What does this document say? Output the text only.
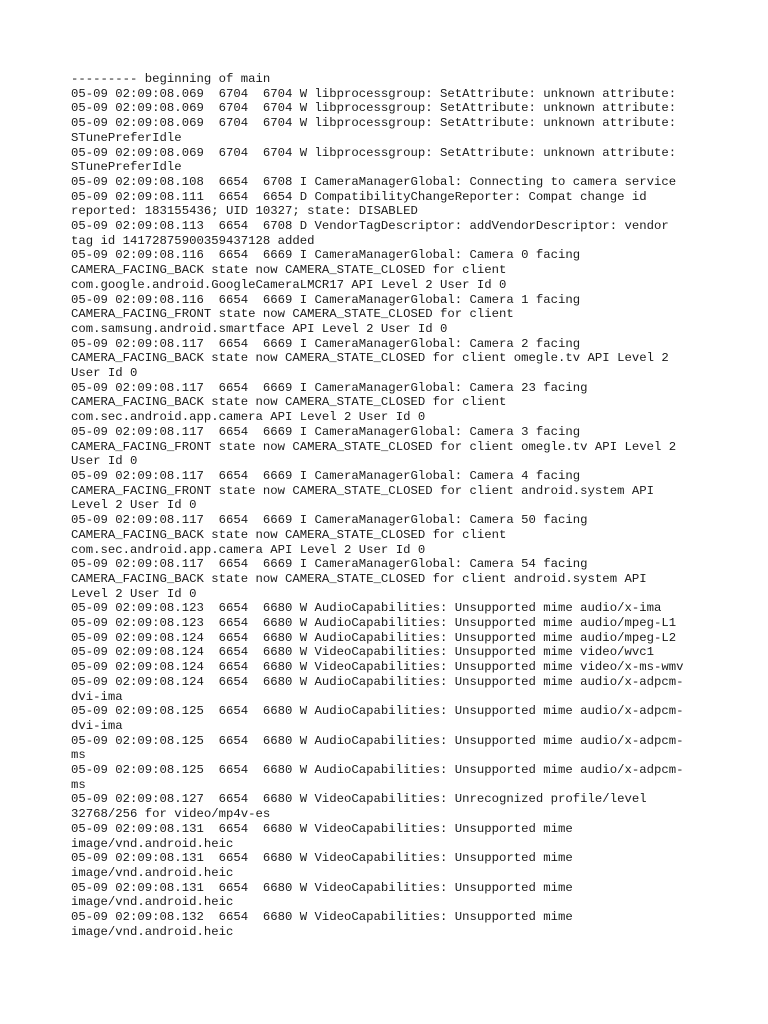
--------- beginning of main
05-09 02:09:08.069  6704  6704 W libprocessgroup: SetAttribute: unknown attribute:
05-09 02:09:08.069  6704  6704 W libprocessgroup: SetAttribute: unknown attribute:
05-09 02:09:08.069  6704  6704 W libprocessgroup: SetAttribute: unknown attribute:
STunePreferIdle
05-09 02:09:08.069  6704  6704 W libprocessgroup: SetAttribute: unknown attribute:
STunePreferIdle
05-09 02:09:08.108  6654  6708 I CameraManagerGlobal: Connecting to camera service
05-09 02:09:08.111  6654  6654 D CompatibilityChangeReporter: Compat change id
reported: 183155436; UID 10327; state: DISABLED
05-09 02:09:08.113  6654  6708 D VendorTagDescriptor: addVendorDescriptor: vendor
tag id 14172875900359437128 added
05-09 02:09:08.116  6654  6669 I CameraManagerGlobal: Camera 0 facing
CAMERA_FACING_BACK state now CAMERA_STATE_CLOSED for client
com.google.android.GoogleCameraLMCR17 API Level 2 User Id 0
05-09 02:09:08.116  6654  6669 I CameraManagerGlobal: Camera 1 facing
CAMERA_FACING_FRONT state now CAMERA_STATE_CLOSED for client
com.samsung.android.smartface API Level 2 User Id 0
05-09 02:09:08.117  6654  6669 I CameraManagerGlobal: Camera 2 facing
CAMERA_FACING_BACK state now CAMERA_STATE_CLOSED for client omegle.tv API Level 2
User Id 0
05-09 02:09:08.117  6654  6669 I CameraManagerGlobal: Camera 23 facing
CAMERA_FACING_BACK state now CAMERA_STATE_CLOSED for client
com.sec.android.app.camera API Level 2 User Id 0
05-09 02:09:08.117  6654  6669 I CameraManagerGlobal: Camera 3 facing
CAMERA_FACING_FRONT state now CAMERA_STATE_CLOSED for client omegle.tv API Level 2
User Id 0
05-09 02:09:08.117  6654  6669 I CameraManagerGlobal: Camera 4 facing
CAMERA_FACING_FRONT state now CAMERA_STATE_CLOSED for client android.system API
Level 2 User Id 0
05-09 02:09:08.117  6654  6669 I CameraManagerGlobal: Camera 50 facing
CAMERA_FACING_BACK state now CAMERA_STATE_CLOSED for client
com.sec.android.app.camera API Level 2 User Id 0
05-09 02:09:08.117  6654  6669 I CameraManagerGlobal: Camera 54 facing
CAMERA_FACING_BACK state now CAMERA_STATE_CLOSED for client android.system API
Level 2 User Id 0
05-09 02:09:08.123  6654  6680 W AudioCapabilities: Unsupported mime audio/x-ima
05-09 02:09:08.123  6654  6680 W AudioCapabilities: Unsupported mime audio/mpeg-L1
05-09 02:09:08.124  6654  6680 W AudioCapabilities: Unsupported mime audio/mpeg-L2
05-09 02:09:08.124  6654  6680 W VideoCapabilities: Unsupported mime video/wvc1
05-09 02:09:08.124  6654  6680 W VideoCapabilities: Unsupported mime video/x-ms-wmv
05-09 02:09:08.124  6654  6680 W AudioCapabilities: Unsupported mime audio/x-adpcm-
dvi-ima
05-09 02:09:08.125  6654  6680 W AudioCapabilities: Unsupported mime audio/x-adpcm-
dvi-ima
05-09 02:09:08.125  6654  6680 W AudioCapabilities: Unsupported mime audio/x-adpcm-
ms
05-09 02:09:08.125  6654  6680 W AudioCapabilities: Unsupported mime audio/x-adpcm-
ms
05-09 02:09:08.127  6654  6680 W VideoCapabilities: Unrecognized profile/level
32768/256 for video/mp4v-es
05-09 02:09:08.131  6654  6680 W VideoCapabilities: Unsupported mime
image/vnd.android.heic
05-09 02:09:08.131  6654  6680 W VideoCapabilities: Unsupported mime
image/vnd.android.heic
05-09 02:09:08.131  6654  6680 W VideoCapabilities: Unsupported mime
image/vnd.android.heic
05-09 02:09:08.132  6654  6680 W VideoCapabilities: Unsupported mime
image/vnd.android.heic
